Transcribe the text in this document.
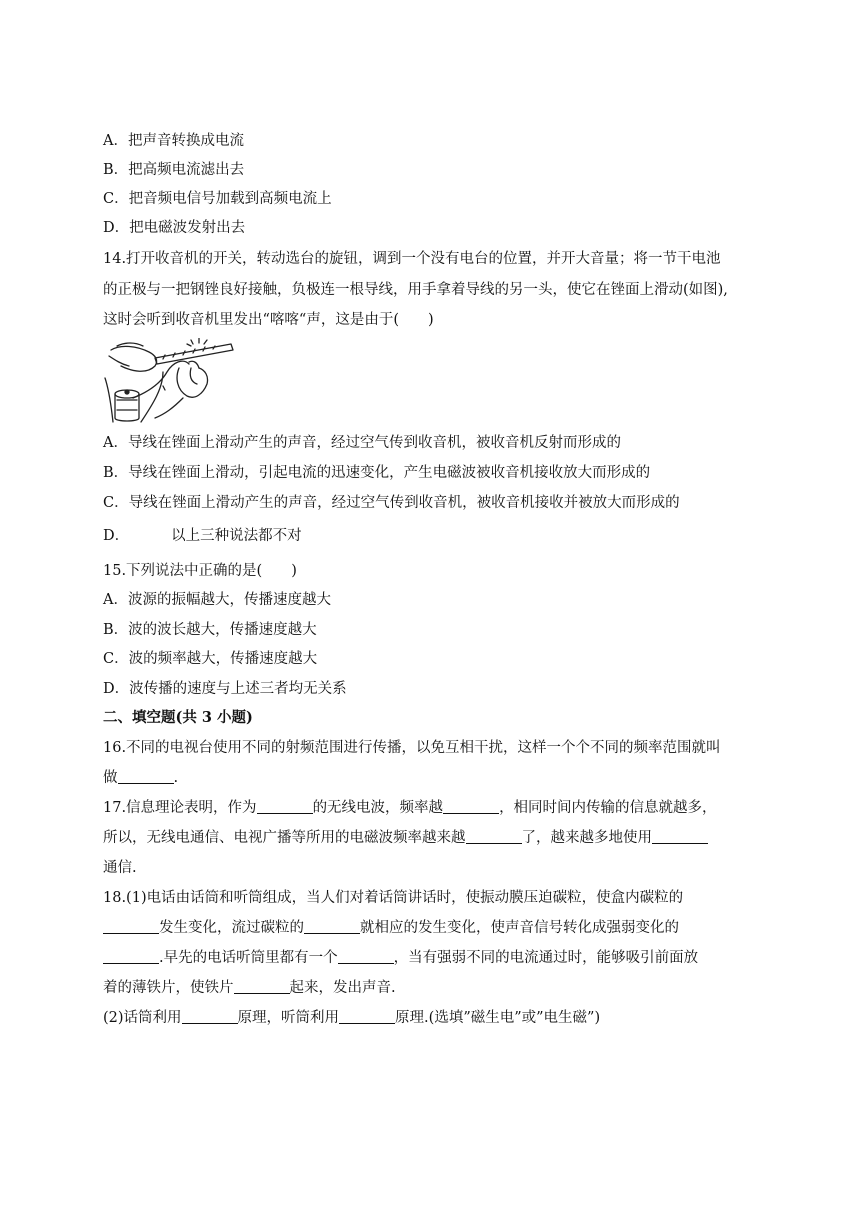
A．把声音转换成电流
B．把高频电流滤出去
C．把音频电信号加载到高频电流上
D．把电磁波发射出去
14.打开收音机的开关，转动选台的旋钮，调到一个没有电台的位置，并开大音量；将一节干电池
的正极与一把钢锉良好接触，负极连一根导线，用手拿着导线的另一头，使它在锉面上滑动(如图),
这时会听到收音机里发出“喀喀“声，这是由于(　　)
A．导线在锉面上滑动产生的声音，经过空气传到收音机，被收音机反射而形成的
B．导线在锉面上滑动，引起电流的迅速变化，产生电磁波被收音机接收放大而形成的
C．导线在锉面上滑动产生的声音，经过空气传到收音机，被收音机接收并被放大而形成的
D．	以上三种说法都不对
15.下列说法中正确的是(　　)
A．波源的振幅越大，传播速度越大
B．波的波长越大，传播速度越大
C．波的频率越大，传播速度越大
D．波传播的速度与上述三者均无关系
二、填空题(共 3 小题)
16.不同的电视台使用不同的射频范围进行传播，以免互相干扰，这样一个个不同的频率范围就叫
做	.
17.信息理论表明，作为	的无线电波，频率越	，相同时间内传输的信息就越多，
所以，无线电通信、电视广播等所用的电磁波频率越来越	了，越来越多地使用
通信.
18.(1)电话由话筒和听筒组成，当人们对着话筒讲话时，使振动膜压迫碳粒，使盒内碳粒的
发生变化，流过碳粒的	就相应的发生变化，使声音信号转化成强弱变化的
.早先的电话听筒里都有一个	，当有强弱不同的电流通过时，能够吸引前面放
着的薄铁片，使铁片	起来，发出声音.
(2)话筒利用	原理，听筒利用	原理.(选填”磁生电”或”电生磁”)
